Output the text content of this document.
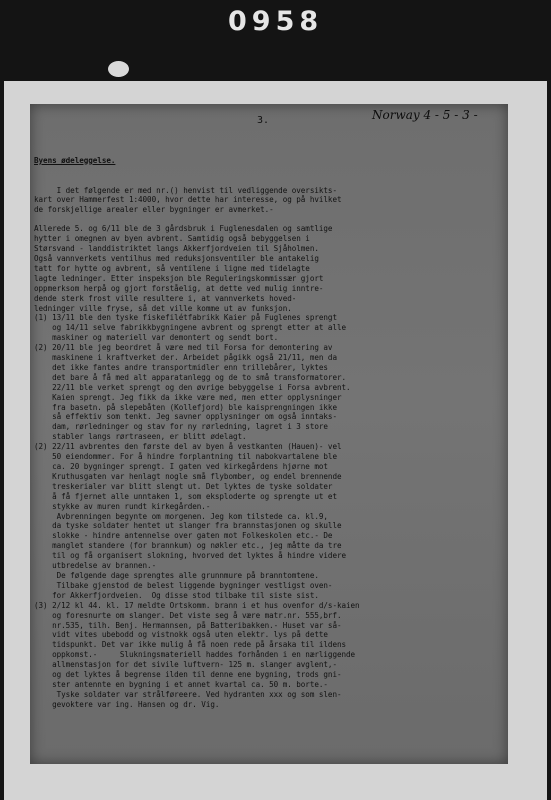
0958
3.	Norway 4 - 5 - 3 -

Byens ødeleggelse.

I det følgende er med nr.() henvist til vedliggende oversikts-
kart over Hammerfest 1:4000, hvor dette har interesse, og på hvilket
de forskjellige arealer eller bygninger er avmerket.-
Allerede 5. og 6/11 ble de 3 gårdsbruk i Fuglenesdalen og samtlige
hytter i omegnen av byen avbrent. Samtidig også bebyggelsen i
Størsvand - landdistriktet langs Akkerfjordveien til Sjåholmen.
Også vannverkets ventilhus med reduksjonsventiler ble antakelig
tatt for hytte og avbrent, så ventilene i ligne med tidelagte
lagte ledninger. Etter inspeksjon ble Reguleringskommissær gjort
oppmerksom herpå og gjort forståelig, at dette ved mulig inntre-
dende sterk frost ville resultere i, at vannverkets hoved-
ledninger ville fryse, så det ville komme ut av funksjon.
(1) 13/11 ble den tyske fiskefilétfabrikk Kaier på Fuglenes sprengt
og 14/11 selve fabrikkbygningene avbrent og sprengt etter at alle
maskiner og materiell var demontert og sendt bort.
(2) 20/11 ble jeg beordret å være med til Forsa for demontering av
maskinene i kraftverket der. Arbeidet pågikk også 21/11, men da
det ikke fantes andre transportmidler enn trillebårer, lyktes
det bare å få med alt apparatanlegg og de to små transformatorer.
22/11 ble verket sprengt og den øvrige bebyggelse i Forsa avbrent.
Kaien sprengt. Jeg fikk da ikke være med, men etter opplysninger
fra basetn. på slepebåten (Kollefjord) ble kaisprengningen ikke
så effektiv som tenkt. Jeg savner opplysninger om også inntaks-
dam, rørledninger og stav for ny rørledning, lagret i 3 store
stabler langs rørtraseen, er blitt ødelagt.
(2) 22/11 avbrentes den første del av byen å vestkanten (Hauen)- vel
50 eiendommer. For å hindre forplantning til nabokvartalene ble
ca. 20 bygninger sprengt. I gaten ved kirkegårdens hjørne mot
Kruthusgaten var henlagt nogle små flybomber, og endel brennende
treskerialer var blitt slengt ut. Det lyktes de tyske soldater
å få fjernet alle unntaken 1, som eksploderte og sprengte ut et
stykke av muren rundt kirkegården.-
Avbrenningen begynte om morgenen. Jeg kom tilstede ca. kl.9,
da tyske soldater hentet ut slanger fra brannstasjonen og skulle
slokke - hindre antennelse over gaten mot Folkeskolen etc.- De
manglet standere (for brannkum) og nøkler etc., jeg måtte da tre
til og få organisert slokning, hvorved det lyktes å hindre videre
utbredelse av brannen.-
De følgende dage sprengtes alle grunnmure på branntomtene.
Tilbake gjenstod de belest liggende bygninger vestligst oven-
for Akkerfjordveien.  Og disse stod tilbake til siste sist.
(3) 2/12 kl 44. kl. 17 meldte Ortskomm. brann i et hus ovenfor d/s-kaien
og foresnurte om slanger. Det viste seg å være matr.nr. 555,brf.
nr.535, tilh. Benj. Hermannsen, på Batteribakken.- Huset var så-
vidt vites ubebodd og vistnokk også uten elektr. lys på dette
tidspunkt. Det var ikke mulig å få noen rede på årsaka til ildens
oppkomst.-     Slukningsmateriell haddes forhånden i en nærliggende
allmenstasjon for det sivile luftvern- 125 m. slanger avglent,-
og det lyktes å begrense ilden til denne ene bygning, trods gni-
ster antennte en bygning i et annet kvartal ca. 50 m. borte.-
Tyske soldater var strålføreere. Ved hydranten xxx og som slen-
gevoktere var ing. Hansen og dr. Vig.
